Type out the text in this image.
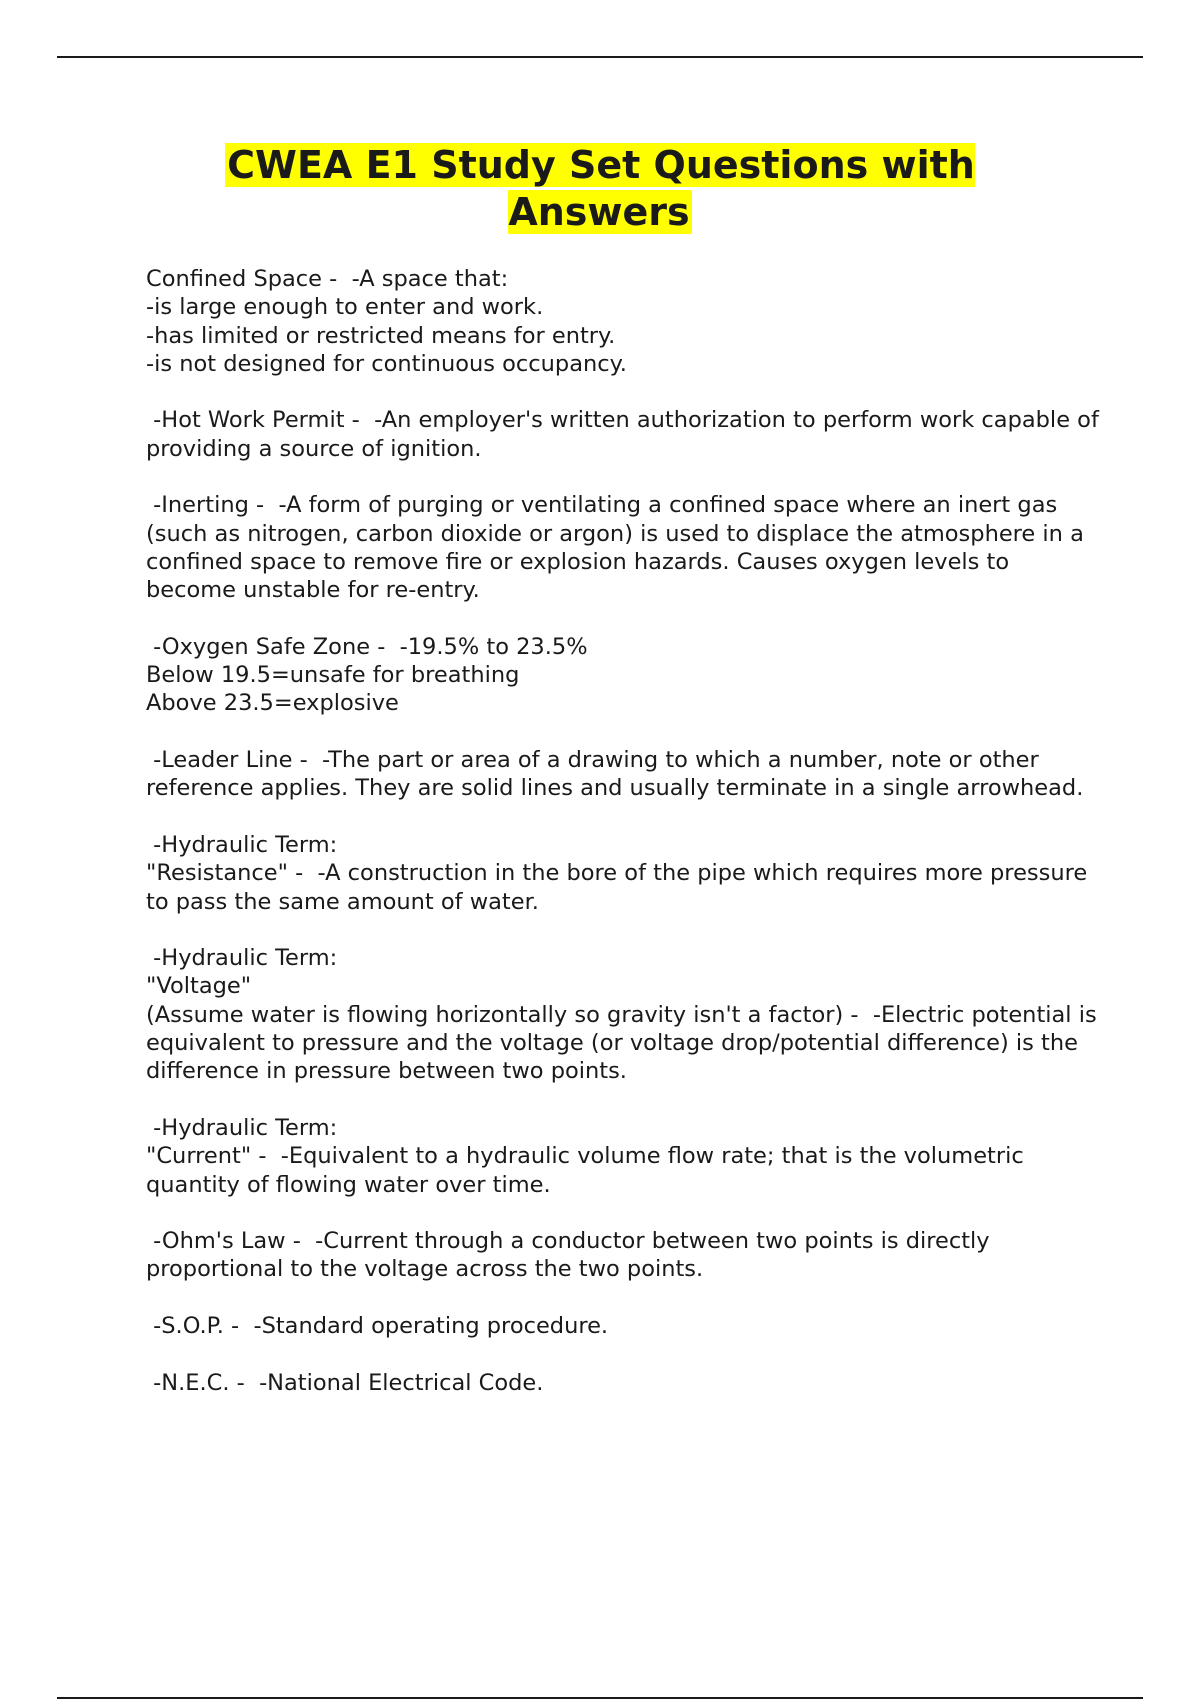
CWEA E1 Study Set Questions with Answers

Confined Space -  -A space that:
-is large enough to enter and work.
-has limited or restricted means for entry.
-is not designed for continuous occupancy.

-Hot Work Permit -  -An employer's written authorization to perform work capable of providing a source of ignition.

-Inerting -  -A form of purging or ventilating a confined space where an inert gas (such as nitrogen, carbon dioxide or argon) is used to displace the atmosphere in a confined space to remove fire or explosion hazards. Causes oxygen levels to become unstable for re-entry.

-Oxygen Safe Zone -  -19.5% to 23.5%
Below 19.5=unsafe for breathing
Above 23.5=explosive

-Leader Line -  -The part or area of a drawing to which a number, note or other reference applies. They are solid lines and usually terminate in a single arrowhead.

-Hydraulic Term:
"Resistance" -  -A construction in the bore of the pipe which requires more pressure to pass the same amount of water.

-Hydraulic Term:
"Voltage"
(Assume water is flowing horizontally so gravity isn't a factor) -  -Electric potential is equivalent to pressure and the voltage (or voltage drop/potential difference) is the difference in pressure between two points.

-Hydraulic Term:
"Current" -  -Equivalent to a hydraulic volume flow rate; that is the volumetric quantity of flowing water over time.

-Ohm's Law -  -Current through a conductor between two points is directly proportional to the voltage across the two points.

-S.O.P. -  -Standard operating procedure.

-N.E.C. -  -National Electrical Code.
